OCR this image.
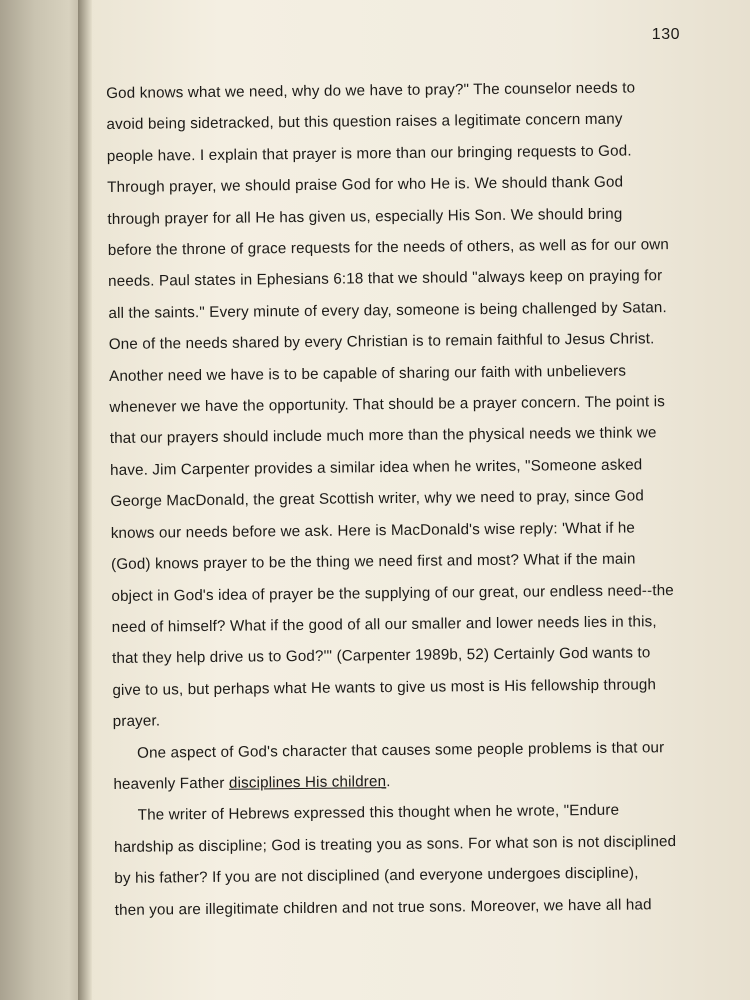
130
God knows what we need, why do we have to pray?" The counselor needs to
avoid being sidetracked, but this question raises a legitimate concern many
people have. I explain that prayer is more than our bringing requests to God.
Through prayer, we should praise God for who He is. We should thank God
through prayer for all He has given us, especially His Son. We should bring
before the throne of grace requests for the needs of others, as well as for our own
needs. Paul states in Ephesians 6:18 that we should "always keep on praying for
all the saints." Every minute of every day, someone is being challenged by Satan.
One of the needs shared by every Christian is to remain faithful to Jesus Christ.
Another need we have is to be capable of sharing our faith with unbelievers
whenever we have the opportunity. That should be a prayer concern. The point is
that our prayers should include much more than the physical needs we think we
have. Jim Carpenter provides a similar idea when he writes, "Someone asked
George MacDonald, the great Scottish writer, why we need to pray, since God
knows our needs before we ask. Here is MacDonald's wise reply: 'What if he
(God) knows prayer to be the thing we need first and most? What if the main
object in God's idea of prayer be the supplying of our great, our endless need--the
need of himself? What if the good of all our smaller and lower needs lies in this,
that they help drive us to God?'" (Carpenter 1989b, 52) Certainly God wants to
give to us, but perhaps what He wants to give us most is His fellowship through
prayer.
One aspect of God's character that causes some people problems is that our
heavenly Father disciplines His children.
The writer of Hebrews expressed this thought when he wrote, "Endure
hardship as discipline; God is treating you as sons. For what son is not disciplined
by his father? If you are not disciplined (and everyone undergoes discipline),
then you are illegitimate children and not true sons. Moreover, we have all had
